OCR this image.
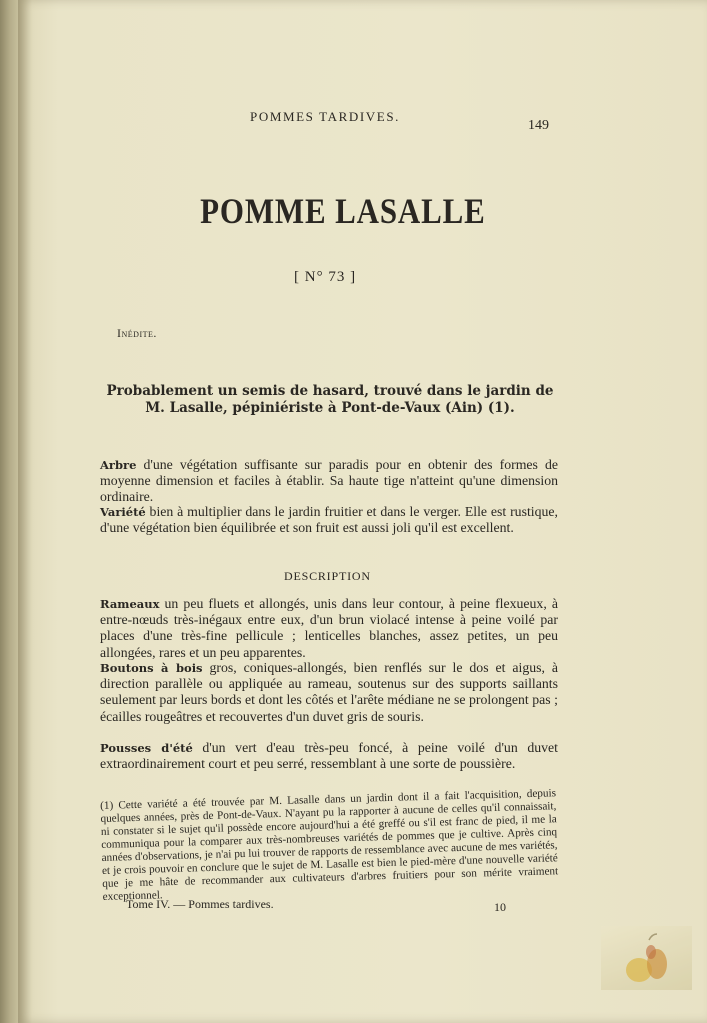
POMMES TARDIVES.
149
POMME LASALLE
[ N° 73 ]
Inédite.
Probablement un semis de hasard, trouvé dans le jardin de
M. Lasalle, pépiniériste à Pont-de-Vaux (Ain) (1).
Arbre d'une végétation suffisante sur paradis pour en obtenir des formes de moyenne dimension et faciles à établir. Sa haute tige n'atteint qu'une dimension ordinaire.
Variété bien à multiplier dans le jardin fruitier et dans le verger. Elle est rustique, d'une végétation bien équilibrée et son fruit est aussi joli qu'il est excellent.
DESCRIPTION
Rameaux un peu fluets et allongés, unis dans leur contour, à peine flexueux, à entre-nœuds très-inégaux entre eux, d'un brun violacé intense à peine voilé par places d'une très-fine pellicule ; lenticelles blanches, assez petites, un peu allongées, rares et un peu apparentes.
Boutons à bois gros, coniques-allongés, bien renflés sur le dos et aigus, à direction parallèle ou appliquée au rameau, soutenus sur des supports saillants seulement par leurs bords et dont les côtés et l'arête médiane ne se prolongent pas ; écailles rougeâtres et recouvertes d'un duvet gris de souris.
Pousses d'été d'un vert d'eau très-peu foncé, à peine voilé d'un duvet extraordinairement court et peu serré, ressemblant à une sorte de poussière.
(1) Cette variété a été trouvée par M. Lasalle dans un jardin dont il a fait l'acquisition, depuis quelques années, près de Pont-de-Vaux. N'ayant pu la rapporter à aucune de celles qu'il connaissait, ni constater si le sujet qu'il possède encore aujourd'hui a été greffé ou s'il est franc de pied, il me la communiqua pour la comparer aux très-nombreuses variétés de pommes que je cultive. Après cinq années d'observations, je n'ai pu lui trouver de rapports de ressemblance avec aucune de mes variétés, et je crois pouvoir en conclure que le sujet de M. Lasalle est bien le pied-mère d'une nouvelle variété que je me hâte de recommander aux cultivateurs d'arbres fruitiers pour son mérite vraiment exceptionnel.
Tome IV. — Pommes tardives.	10
